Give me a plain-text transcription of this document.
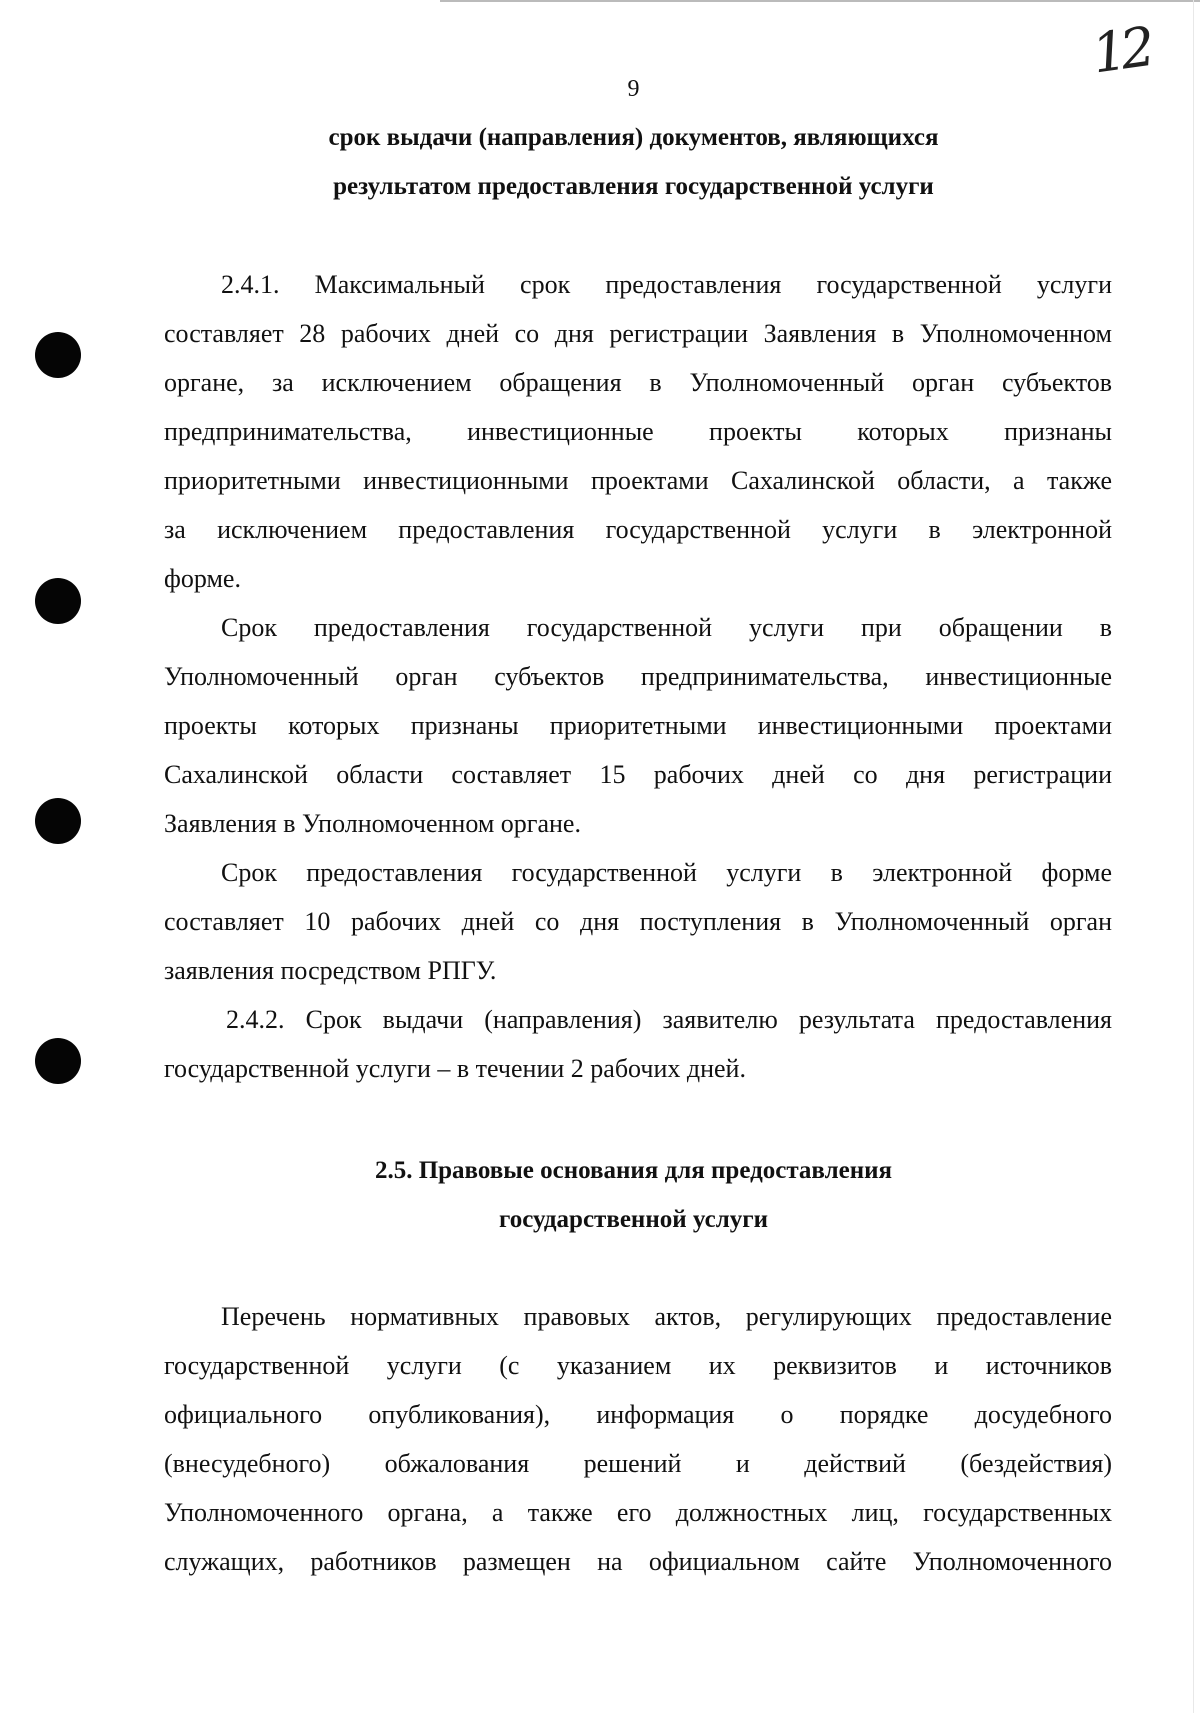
12
9
срок выдачи (направления) документов, являющихся
результатом предоставления государственной услуги

2.4.1. Максимальный срок предоставления государственной услуги

составляет 28 рабочих дней со дня регистрации Заявления в Уполномоченном

органе, за исключением обращения в Уполномоченный орган субъектов

предпринимательства, инвестиционные проекты которых признаны

приоритетными инвестиционными проектами Сахалинской области, а также

за исключением предоставления государственной услуги в электронной

форме.

Срок предоставления государственной услуги при обращении в

Уполномоченный орган субъектов предпринимательства, инвестиционные

проекты которых признаны приоритетными инвестиционными проектами

Сахалинской области составляет 15 рабочих дней со дня регистрации

Заявления в Уполномоченном органе.

Срок предоставления государственной услуги в электронной форме

составляет 10 рабочих дней со дня поступления в Уполномоченный орган

заявления посредством РПГУ.

2.4.2. Срок выдачи (направления) заявителю результата предоставления

государственной услуги – в течении 2 рабочих дней.

2.5. Правовые основания для предоставления
государственной услуги

Перечень нормативных правовых актов, регулирующих предоставление

государственной услуги (с указанием их реквизитов и источников

официального опубликования), информация о порядке досудебного

(внесудебного) обжалования решений и действий (бездействия)

Уполномоченного органа, а также его должностных лиц, государственных

служащих, работников размещен на официальном сайте Уполномоченного
